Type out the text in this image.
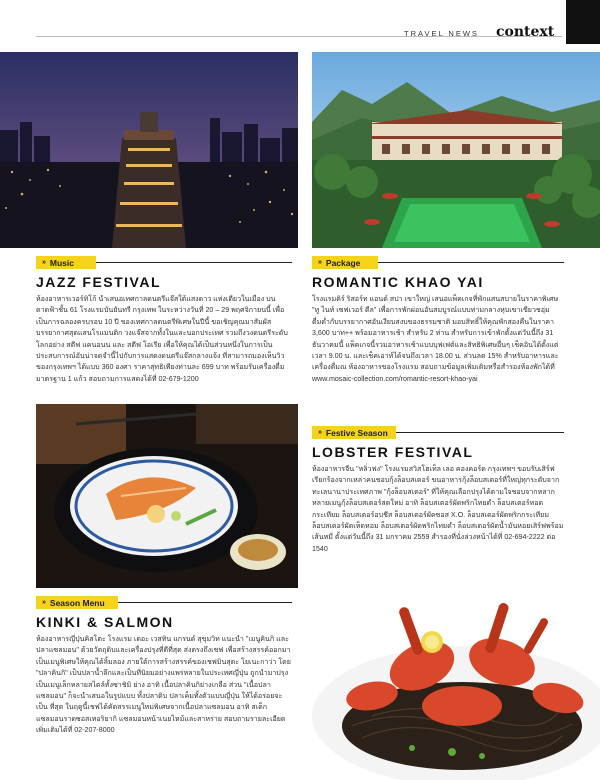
TRAVEL NEWS context
» Music
JAZZ FESTIVAL

ห้องอาหารเวอร์ทิโก้ นำเสนอเทศกาลดนตรีแจ๊สใต้แสงดาว แห่งเดียวในเมือง บนดาดฟ้าชั้น 61 โรงแรมบันยันทรี กรุงเทพ ในระหว่างวันที่ 20 – 29 พฤศจิกายนนี้ เพื่อเป็นการฉลองครบรอบ 10 ปี ของเทศกาลดนตรีพิเศษในปีนี้ ขอเชิญคุณมาสัมผัสบรรยากาศสุดแสนโรแมนติก วงแจ๊สจากทั้งในและนอกประเทศ รวมถึงวงดนตรีระดับโลกอย่าง สตีฟ แคนอนน และ สตีฟ โอเรีย เพื่อให้คุณได้เป็นส่วนหนึ่งในการเป็นประสบการณ์อันน่าจดจำนี้ไปกับการแสดงดนตรีแจ๊สกลางแจ้ง ที่สามารถมองเห็นวิวของกรุงเทพฯ ได้แบบ 360 องศา ราคาสุทธิเพียงท่านละ 699 บาท พร้อมรับเครื่องดื่มมาตรฐาน 1 แก้ว สอบถามการแสดงได้ที่ 02-679-1200

» Package
ROMANTIC KHAO YAI

โรงแรมคิร์ ริสอร์ท แอนด์ สปา เขาใหญ่ เสนอแพ็คเกจที่พักแสนสบายในราคาพิเศษ "ทู ไนท์ เซฟเวอร์ ดีล" เพื่อการพักผ่อนอันสมบูรณ์แบบท่ามกลางหุบเขาเขียวชอุ่ม ดื่มด่ำกับบรรยากาศอันเงียบสงบของธรรมชาติ มอบสิทธิ์ให้คุณพักสองคืนในราคา 3,600 บาท++ พร้อมอาหารเช้า สำหรับ 2 ท่าน สำหรับการเข้าพักตั้งแต่วันนี้ถึง 31 ธันวาคมนี้ แพ็คเกจนี้รวมอาหารเช้าแบบบุฟเฟต์และสิทธิพิเศษอื่นๆ เช็คอินได้ตั้งแต่เวลา 9.00 น. และเช็คเอาท์ได้จนถึงเวลา 18.00 น. ส่วนลด 15% สำหรับอาหารและเครื่องดื่มณ ห้องอาหารของโรงแรม สอบถามข้อมูลเพิ่มเติมหรือสำรองห้องพักได้ที่ www.mosaic-collection.com/romantic-resort-khao-yai

» Festive Season
LOBSTER FESTIVAL

ห้องอาหารจีน "หลิ่วฟง" โรงแรมสวิสโฮเท็ล เลอ คองคอร์ด กรุงเทพฯ ขอบรับเสิร์ฟเรียกร้องจากเหล่าคนชอบกุ้งล็อบสเตอร์ ขนอาหารกุ้งล็อบสเตอร์ที่ใหญ่ทุกระดับจากทะเลนานาประเทศภาพ "กุ้งล็อบสเตอร์" ที่ให้คุณเลือกปรุงได้ตามใจชอบจากหลากหลายเมนูกุ้งล็อบสเตอร์สดใหม่ อาทิ ล็อบสเตอร์ผัดพริกไทยดำ ล็อบสเตอร์ทอดกระเทียม ล็อบสเตอร์อบชีส ล็อบสเตอร์ผัดซอส X.O. ล็อบสเตอร์ผัดพริกกระเทียม ล็อบสเตอร์ผัดเห็ดหอม ล็อบสเตอร์ผัดพริกไทยดำ ล็อบสเตอร์ผัดน้ำมันหอยเสิร์ฟพร้อมเส้นหมี่ ตั้งแต่วันนี้ถึง 31 มกราคม 2559 สำรองที่นั่งล่วงหน้าได้ที่ 02-694-2222 ต่อ 1540

» Season Menu
KINKI & SALMON

ห้องอาหารญี่ปุ่นคิสโตะ โรงแรม เดอะ เวสทิน แกรนด์ สุขุมวิท แนะนำ "เมนูคินกิ และปลาแซลมอน" ด้วยวัตถุดิบและเครื่องปรุงที่ดีที่สุด ส่งตรงถึงเชฟ เพื่อสร้างสรรค์ออกมาเป็นเมนูพิเศษให้คุณได้ลิ้มลอง ภายใต้การสร้างสรรค์ของเชฟมินสุตะ โยเนะกาว่า โดย "ปลาคินกิ" เป็นปลาน้ำลึกและเป็นที่นิยมอย่างแพร่หลายในประเทศญี่ปุ่น ถูกนำมาปรุงเป็นเมนูเล็กหลายสไตล์ทั้งซาชิมิ ย่าง อาทิ เนื้อปลาคินกิย่างเกลือ ส่วน "เนื้อปลาแซลมอน" ก็จะนำเสนอในรูปแบบ ทั้งปลาดิบ ปลาเค็มทั้งตัวแบบญี่ปุ่น ให้ได้อร่อยจะเป็น ที่สุด ในฤดูนี้เชฟได้คัดสรรเมนูใหม่พิเศษจากเนื้อปลาแซลมอน อาทิ สเต็กแซลมอนราดซอสเทอริยากิ แซลมอนหน้าเนยไหม้และสาหร่าย สอบถามรายละเอียดเพิ่มเติมได้ที่ 02-207-8000
